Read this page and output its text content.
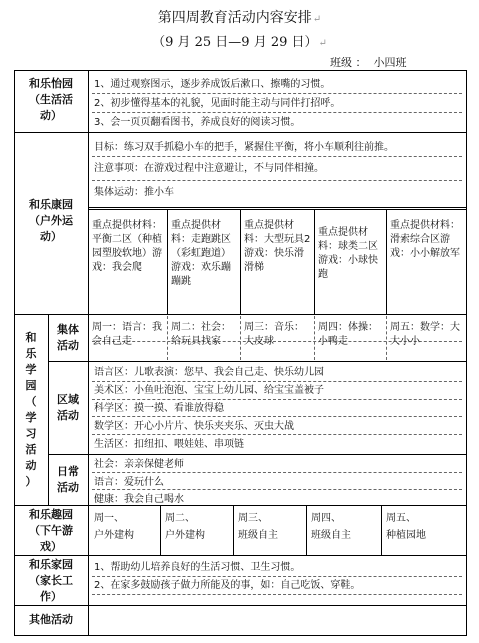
第四周教育活动内容安排↵
（9 月 25 日—9 月 29 日）↵
班级 ：  小四班
和乐怡园
（生活活
动）
1、通过观察图示，逐步养成饭后漱口、擦嘴的习惯。
2、初步懂得基本的礼貌，见面时能主动与同伴打招呼。
3、会一页页翻看图书，养成良好的阅读习惯。
和乐康园
（户外运
动）
目标：练习双手抓稳小车的把手，紧握住平衡，将小车顺利往前推。
注意事项：在游戏过程中注意避让，不与同伴相撞。
集体运动：推小车
重点提供材料：平衡二区（种植园塑胶软地）游戏：我会爬
重点提供材料：走跑跳区（彩虹跑道）游戏：欢乐蹦蹦跳
重点提供材料：大型玩具2游戏：快乐滑滑梯
重点提供材料：球类二区游戏：小球快跑
重点提供材料：滑索综合区游戏：小小解放军
和
乐
学
园
（
学
习
活
动
）
集体
活动
周一：语言：我会自己走
周二：社会：给玩具找家
周三：音乐：大皮球
周四：体操：小鸭走
周五：数学：大大小小
区域
活动
语言区：儿歌表演：您早、我会自己走、快乐幼儿园
美术区：小鱼吐泡泡、宝宝上幼儿园、给宝宝盖被子
科学区：摸一摸、看谁放得稳
数学区：开心小片片、快乐夹夹乐、灭虫大战
生活区：扣纽扣、喂娃娃、串项链
日常
活动
社会：亲亲保健老师
语言：爱玩什么
健康：我会自己喝水
和乐趣园
（下午游
戏）
周一、
户外建构
周二、
户外建构
周三、
班级自主
周四、
班级自主
周五、
种植园地
和乐家园
（家长工
作）
1、帮助幼儿培养良好的生活习惯、卫生习惯。
2、在家多鼓励孩子做力所能及的事，如：自己吃饭、穿鞋。
其他活动
